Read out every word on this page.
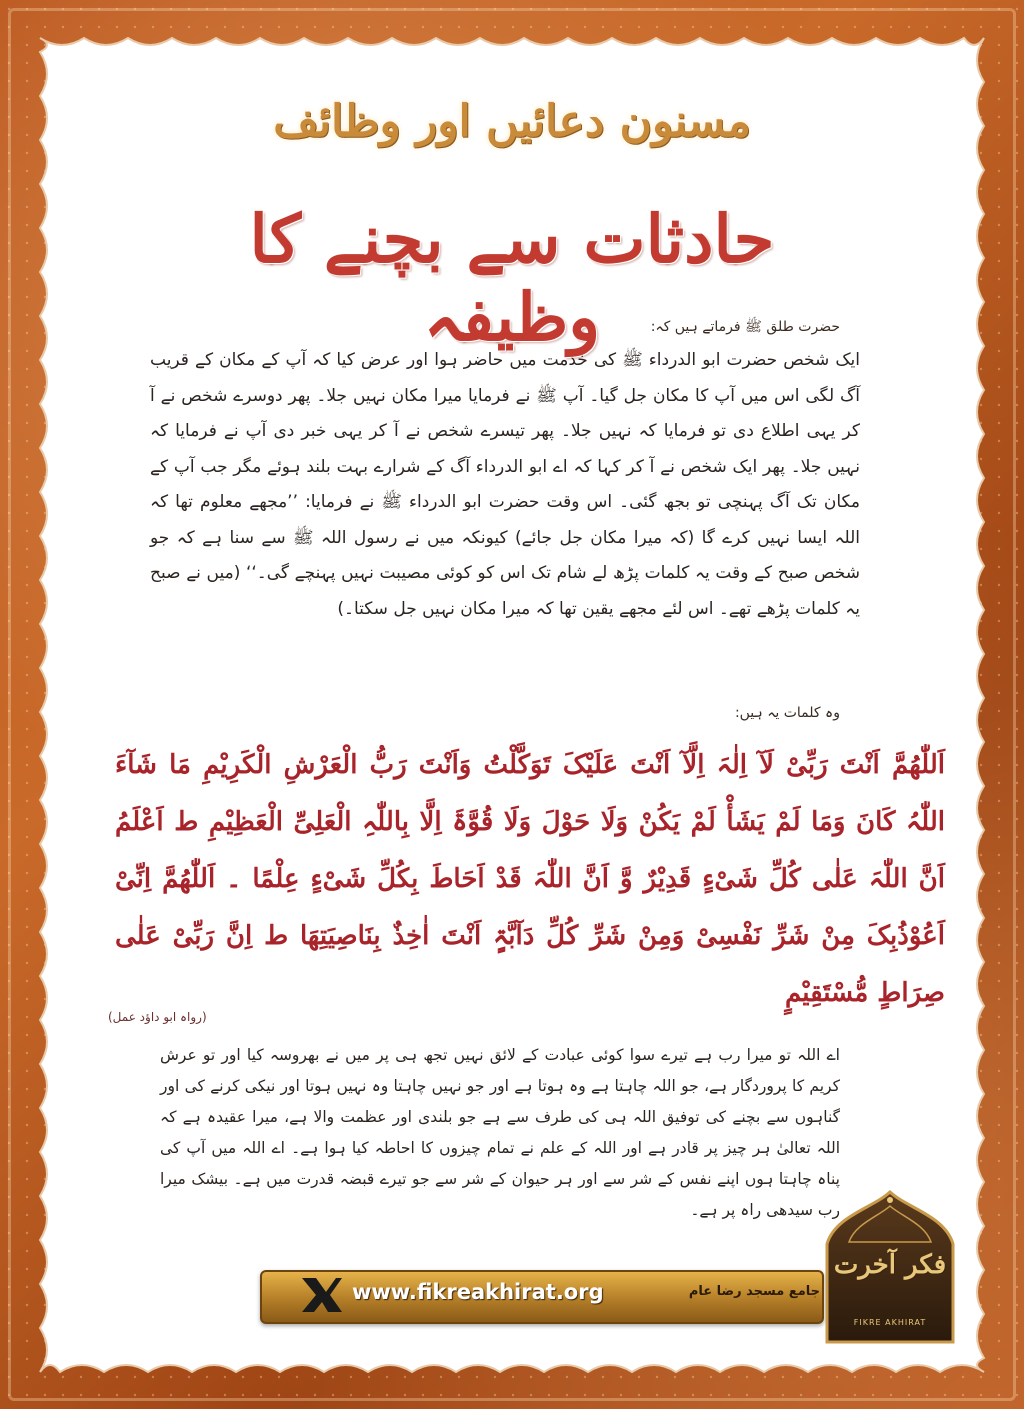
مسنون دعائیں اور وظائف
حادثات سے بچنے کا وظیفہ	حضرت طلق ﷺ فرماتے ہیں کہ:
ایک شخص حضرت ابو الدرداء ﷺ کی خدمت میں حاضر ہوا اور عرض کیا کہ آپ کے مکان کے قریب آگ لگی اس میں آپ کا مکان جل گیا۔ آپ ﷺ نے فرمایا میرا مکان نہیں جلا۔ پھر دوسرے شخص نے آ کر یہی اطلاع دی تو فرمایا کہ نہیں جلا۔ پھر تیسرے شخص نے آ کر یہی خبر دی آپ نے فرمایا کہ نہیں جلا۔ پھر ایک شخص نے آ کر کہا کہ اے ابو الدرداء آگ کے شرارے بہت بلند ہوئے مگر جب آپ کے مکان تک آگ پہنچی تو بجھ گئی۔ اس وقت حضرت ابو الدرداء ﷺ نے فرمایا: ’’مجھے معلوم تھا کہ اللہ ایسا نہیں کرے گا (کہ میرا مکان جل جائے) کیونکہ میں نے رسول اللہ ﷺ سے سنا ہے کہ جو شخص صبح کے وقت یہ کلمات پڑھ لے شام تک اس کو کوئی مصیبت نہیں پہنچے گی۔‘‘ (میں نے صبح یہ کلمات پڑھے تھے۔ اس لئے مجھے یقین تھا کہ میرا مکان نہیں جل سکتا۔)
وہ کلمات یہ ہیں:
اَللّٰھُمَّ اَنْتَ رَبِّیْ لَآ اِلٰہَ اِلَّآ اَنْتَ عَلَیْکَ تَوَکَّلْتُ وَاَنْتَ رَبُّ الْعَرْشِ الْکَرِیْمِ مَا شَآءَ اللّٰہُ کَانَ وَمَا لَمْ یَشَأْ لَمْ یَکُنْ وَلَا حَوْلَ وَلَا قُوَّۃَ اِلَّا بِاللّٰہِ الْعَلِیِّ الْعَظِیْمِ ط اَعْلَمُ اَنَّ اللّٰہَ عَلٰی کُلِّ شَیْءٍ قَدِیْرٌ وَّ اَنَّ اللّٰہَ قَدْ اَحَاطَ بِکُلِّ شَیْءٍ عِلْمًا ۔ اَللّٰھُمَّ اِنِّیْ اَعُوْذُبِکَ مِنْ شَرِّ نَفْسِیْ وَمِنْ شَرِّ کُلِّ دَآبَّۃٍ اَنْتَ اٰخِذٌ بِنَاصِیَتِھَا ط اِنَّ رَبِّیْ عَلٰی صِرَاطٍ مُّسْتَقِیْمٍ
(رواہ ابو داؤد عمل)
اے اللہ تو میرا رب ہے تیرے سوا کوئی عبادت کے لائق نہیں تجھ ہی پر میں نے بھروسہ کیا اور تو عرش کریم کا پروردگار ہے، جو اللہ چاہتا ہے وہ ہوتا ہے اور جو نہیں چاہتا وہ نہیں ہوتا اور نیکی کرنے کی اور گناہوں سے بچنے کی توفیق اللہ ہی کی طرف سے ہے جو بلندی اور عظمت والا ہے، میرا عقیدہ ہے کہ اللہ تعالیٰ ہر چیز پر قادر ہے اور اللہ کے علم نے تمام چیزوں کا احاطہ کیا ہوا ہے۔ اے اللہ میں آپ کی پناہ چاہتا ہوں اپنے نفس کے شر سے اور ہر حیوان کے شر سے جو تیرے قبضہ قدرت میں ہے۔ بیشک میرا رب سیدھی راہ پر ہے۔
www.fikreakhirat.org	جامع مسجد رضا عام
فکر آخرت
FIKRE AKHIRAT
